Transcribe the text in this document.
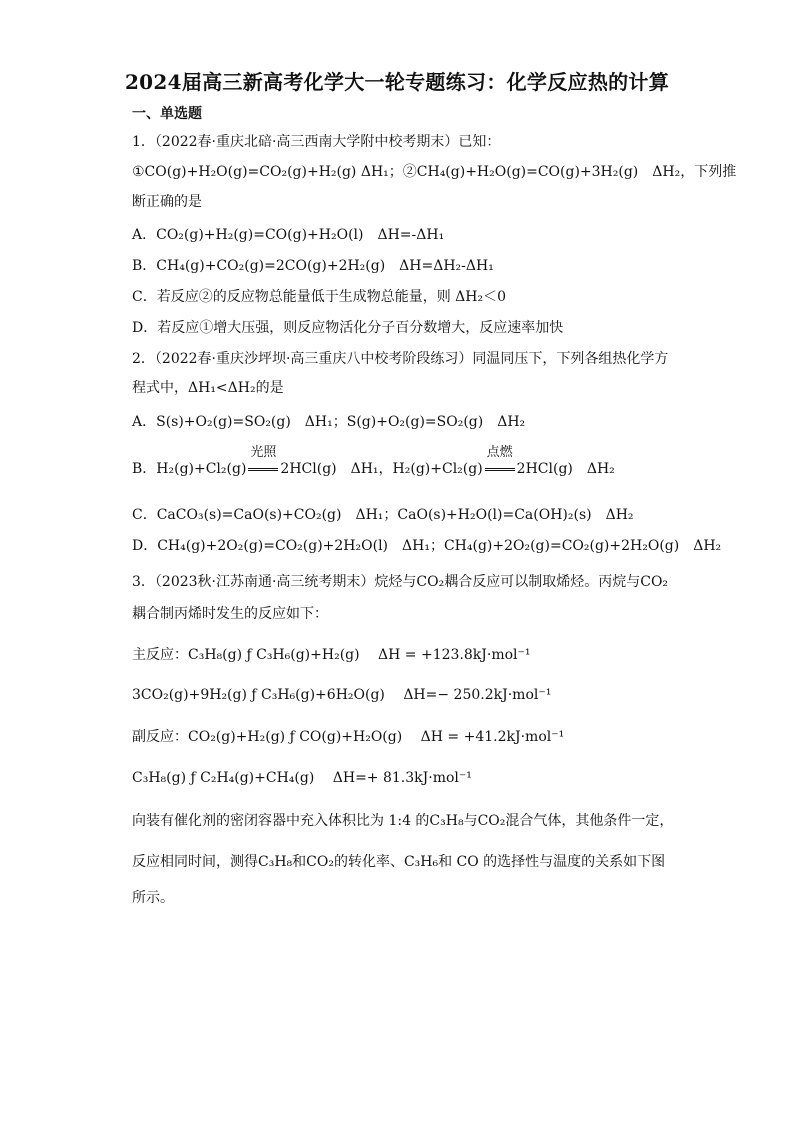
2024届高三新高考化学大一轮专题练习：化学反应热的计算
一、单选题
1．（2022春·重庆北碚·高三西南大学附中校考期末）已知：
①CO(g)+H₂O(g)=CO₂(g)+H₂(g) ΔH₁；②CH₄(g)+H₂O(g)=CO(g)+3H₂(g)　ΔH₂，下列推
断正确的是
A．CO₂(g)+H₂(g)=CO(g)+H₂O(l)　ΔH=-ΔH₁
B．CH₄(g)+CO₂(g)=2CO(g)+2H₂(g)　ΔH=ΔH₂-ΔH₁
C．若反应②的反应物总能量低于生成物总能量，则 ΔH₂＜0
D．若反应①增大压强，则反应物活化分子百分数增大，反应速率加快
2．（2022春·重庆沙坪坝·高三重庆八中校考阶段练习）同温同压下，下列各组热化学方
程式中，ΔH₁<ΔH₂的是
A．S(s)+O₂(g)=SO₂(g)　ΔH₁；S(g)+O₂(g)=SO₂(g)　ΔH₂
B．H₂(g)+Cl₂(g)
光照
2HCl(g)　ΔH₁，H₂(g)+Cl₂(g)
点燃
2HCl(g)　ΔH₂
C．CaCO₃(s)=CaO(s)+CO₂(g)　ΔH₁；CaO(s)+H₂O(l)=Ca(OH)₂(s)　ΔH₂
D．CH₄(g)+2O₂(g)=CO₂(g)+2H₂O(l)　ΔH₁；CH₄(g)+2O₂(g)=CO₂(g)+2H₂O(g)　ΔH₂
3．（2023秋·江苏南通·高三统考期末）烷烃与CO₂耦合反应可以制取烯烃。丙烷与CO₂
耦合制丙烯时发生的反应如下：
主反应：C₃H₈(g) ƒ C₃H₆(g)+H₂(g)　 ΔH = +123.8kJ·mol⁻¹
3CO₂(g)+9H₂(g) ƒ C₃H₆(g)+6H₂O(g)　 ΔH=− 250.2kJ·mol⁻¹
副反应：CO₂(g)+H₂(g) ƒ CO(g)+H₂O(g)　 ΔH = +41.2kJ·mol⁻¹
C₃H₈(g) ƒ C₂H₄(g)+CH₄(g)　 ΔH=+ 81.3kJ·mol⁻¹
向装有催化剂的密闭容器中充入体积比为 1:4 的C₃H₈与CO₂混合气体，其他条件一定，
反应相同时间，测得C₃H₈和CO₂的转化率、C₃H₆和 CO 的选择性与温度的关系如下图
所示。
